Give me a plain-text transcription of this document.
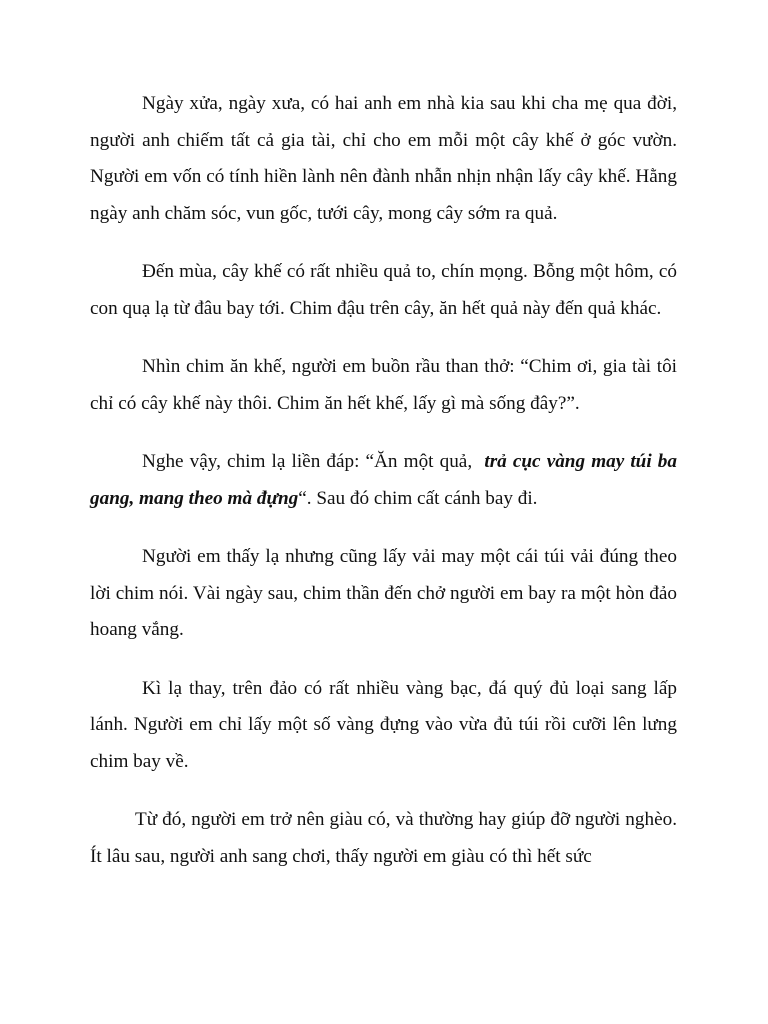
Ngày xửa, ngày xưa, có hai anh em nhà kia sau khi cha mẹ qua đời, người anh chiếm tất cả gia tài, chỉ cho em mỗi một cây khế ở góc vườn. Người em vốn có tính hiền lành nên đành nhẫn nhịn nhận lấy cây khế. Hằng ngày anh chăm sóc, vun gốc, tưới cây, mong cây sớm ra quả.

Đến mùa, cây khế có rất nhiều quả to, chín mọng. Bỗng một hôm, có con quạ lạ từ đâu bay tới. Chim đậu trên cây, ăn hết quả này đến quả khác.

Nhìn chim ăn khế, người em buồn rầu than thở: “Chim ơi, gia tài tôi chỉ có cây khế này thôi. Chim ăn hết khế, lấy gì mà sống đây?”.

Nghe vậy, chim lạ liền đáp: “Ăn một quả,  trả cục vàng may túi ba gang, mang theo mà đựng“. Sau đó chim cất cánh bay đi.

Người em thấy lạ nhưng cũng lấy vải may một cái túi vải đúng theo lời chim nói. Vài ngày sau, chim thần đến chở người em bay ra một hòn đảo hoang vắng.

Kì lạ thay, trên đảo có rất nhiều vàng bạc, đá quý đủ loại sang lấp lánh. Người em chỉ lấy một số vàng đựng vào vừa đủ túi rồi cưỡi lên lưng chim bay về.

Từ đó, người em trở nên giàu có, và thường hay giúp đỡ người nghèo. Ít lâu sau, người anh sang chơi, thấy người em giàu có thì hết sức
